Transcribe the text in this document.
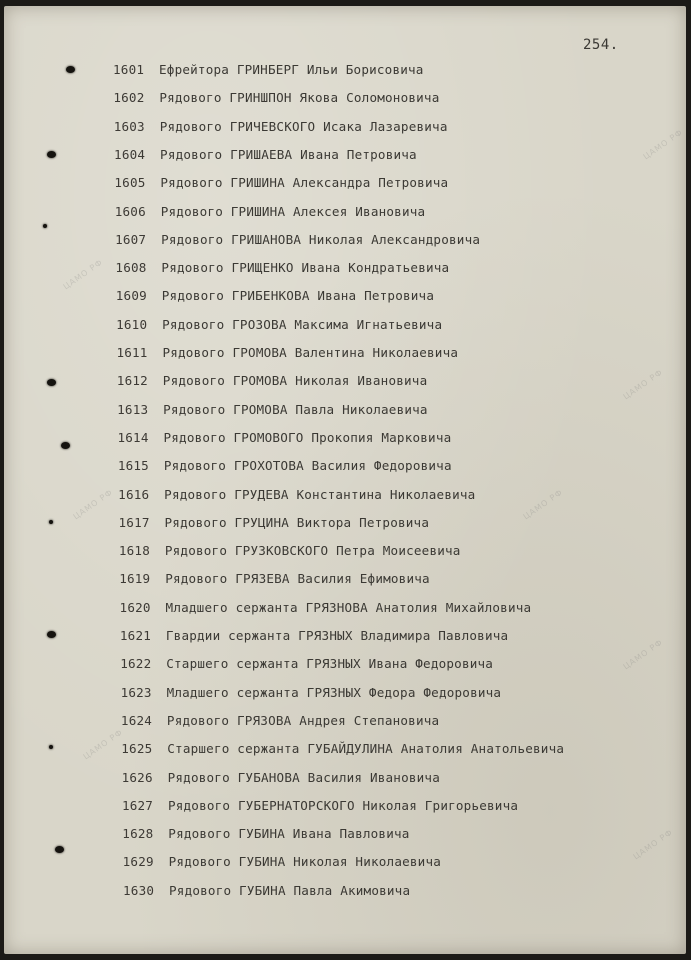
254.
1601 Ефрейтора ГРИНБЕРГ Ильи Борисовича
1602 Рядового ГРИНШПОН Якова Соломоновича
1603 Рядового ГРИЧЕВСКОГО Исака Лазаревича
1604 Рядового ГРИШАЕВА Ивана Петровича
1605 Рядового ГРИШИНА Александра Петровича
1606 Рядового ГРИШИНА Алексея Ивановича
1607 Рядового ГРИШАНОВА Николая Александровича
1608 Рядового ГРИЩЕНКО Ивана Кондратьевича
1609 Рядового ГРИБЕНКОВА Ивана Петровича
1610 Рядового ГРОЗОВА Максима Игнатьевича
1611 Рядового ГРОМОВА Валентина Николаевича
1612 Рядового ГРОМОВА Николая Ивановича
1613 Рядового ГРОМОВА Павла Николаевича
1614 Рядового ГРОМОВОГО Прокопия Марковича
1615 Рядового ГРОХОТОВА Василия Федоровича
1616 Рядового ГРУДЕВА Константина Николаевича
1617 Рядового ГРУЦИНА Виктора Петровича
1618 Рядового ГРУЗКОВСКОГО Петра Моисеевича
1619 Рядового ГРЯЗЕВА Василия Ефимовича
1620 Младшего сержанта ГРЯЗНОВА Анатолия Михайловича
1621 Гвардии сержанта ГРЯЗНЫХ Владимира Павловича
1622 Старшего сержанта ГРЯЗНЫХ Ивана Федоровича
1623 Младшего сержанта ГРЯЗНЫХ Федора Федоровича
1624 Рядового ГРЯЗОВА Андрея Степановича
1625 Старшего сержанта ГУБАЙДУЛИНА Анатолия Анатольевича
1626 Рядового ГУБАНОВА Василия Ивановича
1627 Рядового ГУБЕРНАТОРСКОГО Николая Григорьевича
1628 Рядового ГУБИНА Ивана Павловича
1629 Рядового ГУБИНА Николая Николаевича
1630 Рядового ГУБИНА Павла Акимовича
ЦАМО РФ
ЦАМО РФ
ЦАМО РФ
ЦАМО РФ	ЦАМО РФ
ЦАМО РФ
ЦАМО РФ
ЦАМО РФ
